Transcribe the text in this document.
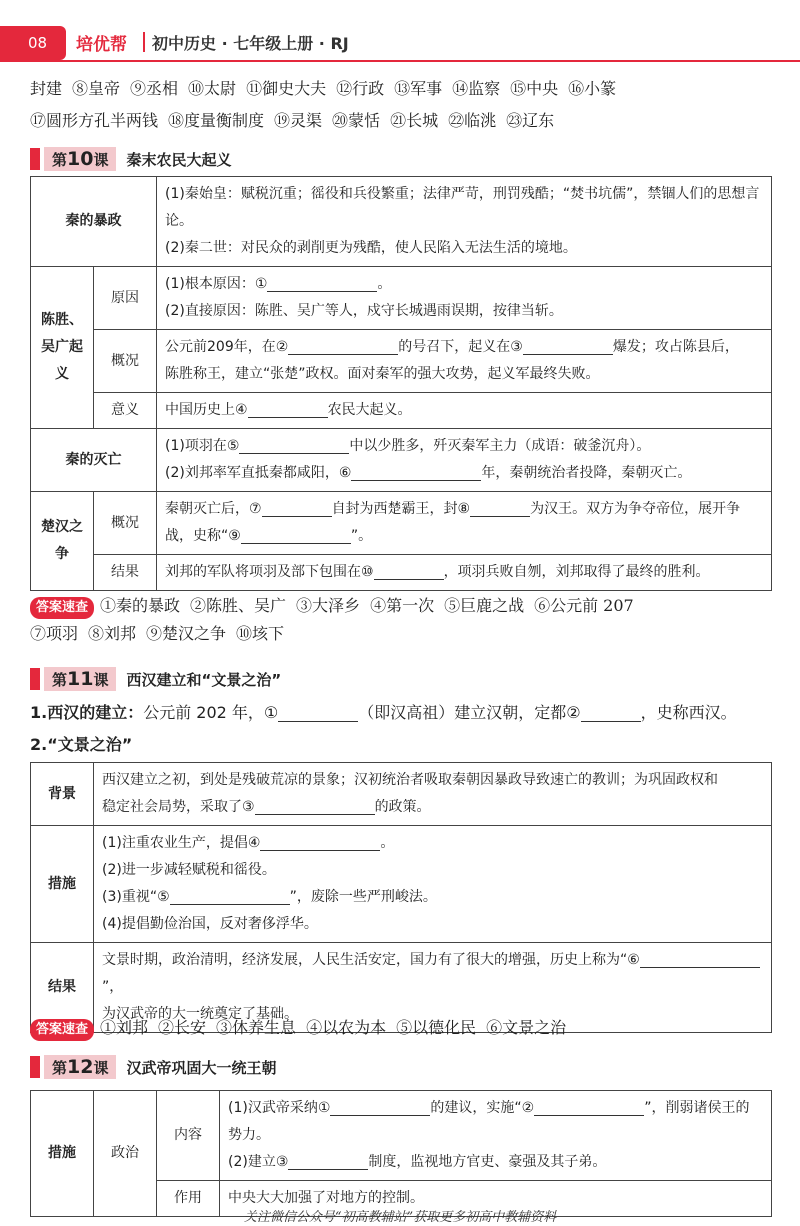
08	培优帮 初中历史 · 七年级上册 · RJ
封建 ⑧皇帝 ⑨丞相 ⑩太尉 ⑪御史大夫 ⑫行政 ⑬军事 ⑭监察 ⑮中央 ⑯小篆
⑰圆形方孔半两钱 ⑱度量衡制度 ⑲灵渠 ⑳蒙恬 ㉑长城 ㉒临洮 ㉓辽东
第10课	秦末农民大起义
秦的暴政		(1)秦始皇：赋税沉重；徭役和兵役繁重；法律严苛，刑罚残酷；“焚书坑儒”，禁锢人们的思想言论。
(2)秦二世：对民众的剥削更为残酷，使人民陷入无法生活的境地。

陈胜、吴广起义	原因	(1)根本原因：① 。
(2)直接原因：陈胜、吴广等人，戍守长城遇雨误期，按律当斩。

	概况	公元前209年，在② 的号召下，起义在③ 爆发；攻占陈县后，
陈胜称王，建立“张楚”政权。面对秦军的强大攻势，起义军最终失败。

	意义	中国历史上④ 农民大起义。
秦的灭亡		(1)项羽在⑤ 中以少胜多，歼灭秦军主力（成语：破釜沉舟）。
(2)刘邦率军直抵秦都咸阳，⑥ 年，秦朝统治者投降，秦朝灭亡。

楚汉之争	概况	秦朝灭亡后，⑦ 自封为西楚霸王，封⑧ 为汉王。双方为争夺帝位，展开争
战，史称“⑨ ”。

	结果	刘邦的军队将项羽及部下包围在⑩ ，项羽兵败自刎，刘邦取得了最终的胜利。
答案速查 ①秦的暴政 ②陈胜、吴广 ③大泽乡 ④第一次 ⑤巨鹿之战 ⑥公元前 207
⑦项羽 ⑧刘邦 ⑨楚汉之争 ⑩垓下
第11课	西汉建立和“文景之治”
1.西汉的建立：公元前 202 年，①	（即汉高祖）建立汉朝，定都②	，史称西汉。
2.“文景之治”
背景	西汉建立之初，到处是残破荒凉的景象；汉初统治者吸取秦朝因暴政导致速亡的教训；为巩固政权和
稳定社会局势，采取了③ 的政策。

措施	(1)注重农业生产，提倡④ 。
(2)进一步减轻赋税和徭役。
(3)重视“⑤ ”，废除一些严刑峻法。
(4)提倡勤俭治国，反对奢侈浮华。

结果	文景时期，政治清明，经济发展，人民生活安定，国力有了很大的增强，历史上称为“⑥”，
为汉武帝的大一统奠定了基础。
答案速查 ①刘邦 ②长安 ③休养生息 ④以农为本 ⑤以德化民 ⑥文景之治
第12课	汉武帝巩固大一统王朝
措施	政治	内容	(1)汉武帝采纳① 的建议，实施“② ”，削弱诸侯王的势力。
(2)建立③ 制度，监视地方官吏、豪强及其子弟。

		作用	中央大大加强了对地方的控制。
关注微信公众号“初高教辅站”获取更多初高中教辅资料
